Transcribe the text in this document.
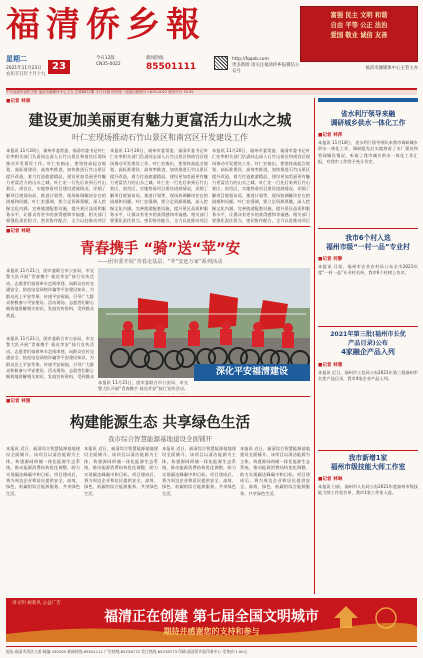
福清侨乡報	富强 民主 文明 和谐
自由 平等 公正 法治
爱国 敬业 诚信 友善
星期二
2021年11月23日
农历辛丑年十月十九
23
今日12版
CN35-0022
新闻热线
85501111
http://fqqxb.com
更多新闻 请关注福清侨乡报微信公众号
福清市融媒体中心主管主办
中共福清市委机关报 福清市融媒体中心主办 总第8872期 今日12版 国内统一连续出版物号 CN35-0022 邮发代号 33-92
■记者 林骏
建设更加美丽更有魅力更富活力山水之城
叶仁宏现场推动石竹山景区和南宫区开发建设工作
本报讯 11月20日，福州市委常委、福清市委书记叶仁宏率相关部门负责同志深入石竹山景区和南宫区现场推动开发建设工作。叶仁宏指出，要坚持高起点规划、高标准建设、高效率推进，加快推进石竹山景区提升改造，着力打造旅游精品，建设更加美丽更有魅力更富活力的山水之城。叶仁宏一行先后来到石竹山景区、南宫区，实地察看项目建设进展情况，详细了解项目规划布局、推进计划等，现场协调解决存在的困难和问题。叶仁宏强调，要立足资源禀赋，深入挖掘文化内涵，完善旅游配套设施，提升景区品质和服务水平，让群众有更多的获得感和幸福感。相关部门要强化责任担当，密切协作配合，全力以赴推动项目
本报讯 11月20日，福州市委常委、福清市委书记叶仁宏率相关部门负责同志深入石竹山景区和南宫区现场推动开发建设工作。叶仁宏指出，要坚持高起点规划、高标准建设、高效率推进，加快推进石竹山景区提升改造，着力打造旅游精品，建设更加美丽更有魅力更富活力的山水之城。叶仁宏一行先后来到石竹山景区、南宫区，实地察看项目建设进展情况，详细了解项目规划布局、推进计划等，现场协调解决存在的困难和问题。叶仁宏强调，要立足资源禀赋，深入挖掘文化内涵，完善旅游配套设施，提升景区品质和服务水平，让群众有更多的获得感和幸福感。相关部门要强化责任担当，密切协作配合，全力以赴推动项目
本报讯 11月20日，福州市委常委、福清市委书记叶仁宏率相关部门负责同志深入石竹山景区和南宫区现场推动开发建设工作。叶仁宏指出，要坚持高起点规划、高标准建设、高效率推进，加快推进石竹山景区提升改造，着力打造旅游精品，建设更加美丽更有魅力更富活力的山水之城。叶仁宏一行先后来到石竹山景区、南宫区，实地察看项目建设进展情况，详细了解项目规划布局、推进计划等，现场协调解决存在的困难和问题。叶仁宏强调，要立足资源禀赋，深入挖掘文化内涵，完善旅游配套设施，提升景区品质和服务水平，让群众有更多的获得感和幸福感。相关部门要强化责任担当，密切协作配合，全力以赴推动项目
■记者 林晓
青春携手 “骑”送“苹”安
——团市委开展“青春走基层，“苹”安连万家”系列活动
本报讯 11月21日，团市委联合市公安局、市交警大队开展“青春携手 骑送苹安”骑行宣传活动。志愿者们骑着单车走街串巷，向群众宣传交通安全、防范电信网络诈骗等平安建设知识，为群众送上平安苹果，传递平安祝福，引导广大群众积极参与平安建设。活动现场，志愿者们耐心细致地讲解相关知识，发放宣传资料，受到群众欢迎。
本报讯 11月21日，团市委联合市公安局、市交警大队开展“青春携手 骑送苹安”骑行宣传活动。志愿者们骑着单车走街串巷，向群众宣传交通安全、防范电信网络诈骗等平安建设知识，为群众送上平安苹果，传递平安祝福，引导广大群众积极参与平安建设。活动现场，志愿者们耐心细致地讲解相关知识，发放宣传资料，受到群众	深化平安福清建设
本报讯 11月21日，团市委联合市公安局、市交警大队开展“青春携手 骑送苹安”骑行宣传活动。
■记者 林强
构建能源生态 共享绿色生活
我市综合智慧能源基地建设全面铺开
本报讯 近日，福清综合智慧能源基地建设全面铺开。该项目以清洁能源为主体，构建源网荷储一体化能源生态系统，推动能源消费结构优化调整，助力实现碳达峰碳中和目标。项目建成后，将为周边企业和居民提供安全、高效、绿色、低碳的综合能源服务，共享绿色生活。
本报讯 近日，福清综合智慧能源基地建设全面铺开。该项目以清洁能源为主体，构建源网荷储一体化能源生态系统，推动能源消费结构优化调整，助力实现碳达峰碳中和目标。项目建成后，将为周边企业和居民提供安全、高效、绿色、低碳的综合能源服务，共享绿色生活。
本报讯 近日，福清综合智慧能源基地建设全面铺开。该项目以清洁能源为主体，构建源网荷储一体化能源生态系统，推动能源消费结构优化调整，助力实现碳达峰碳中和目标。项目建成后，将为周边企业和居民提供安全、高效、绿色、低碳的综合能源服务，共享绿色生活。
本报讯 近日，福清综合智慧能源基地建设全面铺开。该项目以清洁能源为主体，构建源网荷储一体化能源生态系统，推动能源消费结构优化调整，助力实现碳达峰碳中和目标。项目建成后，将为周边企业和居民提供安全、高效、绿色、低碳的综合能源服务，共享绿色生活。
省水利厅领导来融
调研城乡供水一体化工作
■记者 林萍
本报讯 11月18日，省水利厅领导带队来我市调研城乡供水一体化工作。调研组先后实地察看了水厂建设和管网铺设情况，听取了我市城乡供水一体化工作汇报，对我市工作给予充分肯定。
我市6个村入选
福州市级“一村一品”专业村
■记者 何静
本报讯 日前，福州市农业农村局公布全市2021年度“一村一品”专业村名单，我市6个村榜上有名。
2021年第三批(福州市长优
产品目录)公布
4家融企产品入列
■记者 林雅
本报讯 近日，福州市工信局公布2021年第三批福州市名优产品目录，我市4家企业产品入列。
我市新增1家
福州市级技能大师工作室
■记者 林琳
本报讯 日前，福州市人社局公布2021年度福州市级技能大师工作室名单，我市1家工作室入选。
讲文明 树新风 公益广告
福清正在创建 第七届全国文明城市
期待并感谢您的支持和参与
地址:福清市清昌大道 邮编:350300 新闻热线:85501111 广告热线:85256772 发行热线:85238773 印刷:福清侨乡报印务中心 零售价:1.00元
